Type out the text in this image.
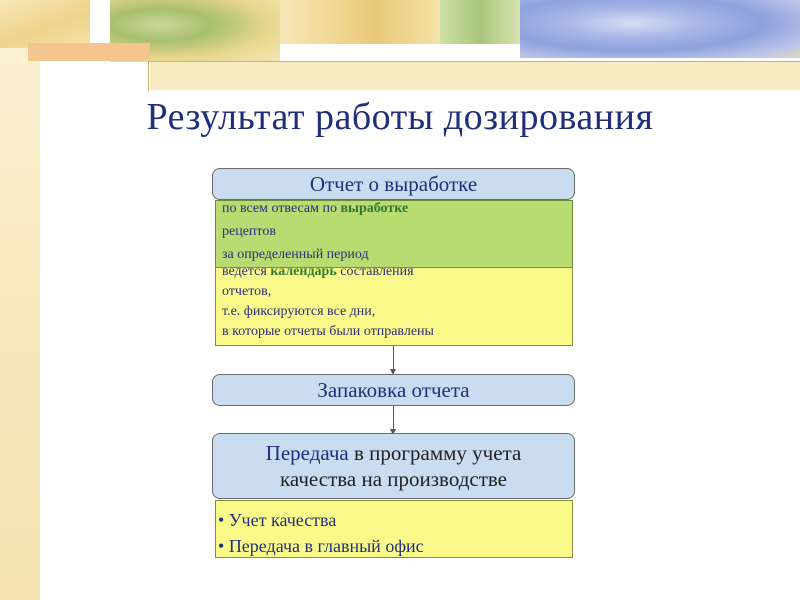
Результат работы дозирования
Отчет о выработке
по всем отвесам по выработке
рецептов
за определенный период
ведется календарь составления
отчетов,
т.е. фиксируются все дни,
в которые отчеты были отправлены
Запаковка отчета
Передача в программу учета
качества на производстве
• Учет качества
• Передача в главный офис
